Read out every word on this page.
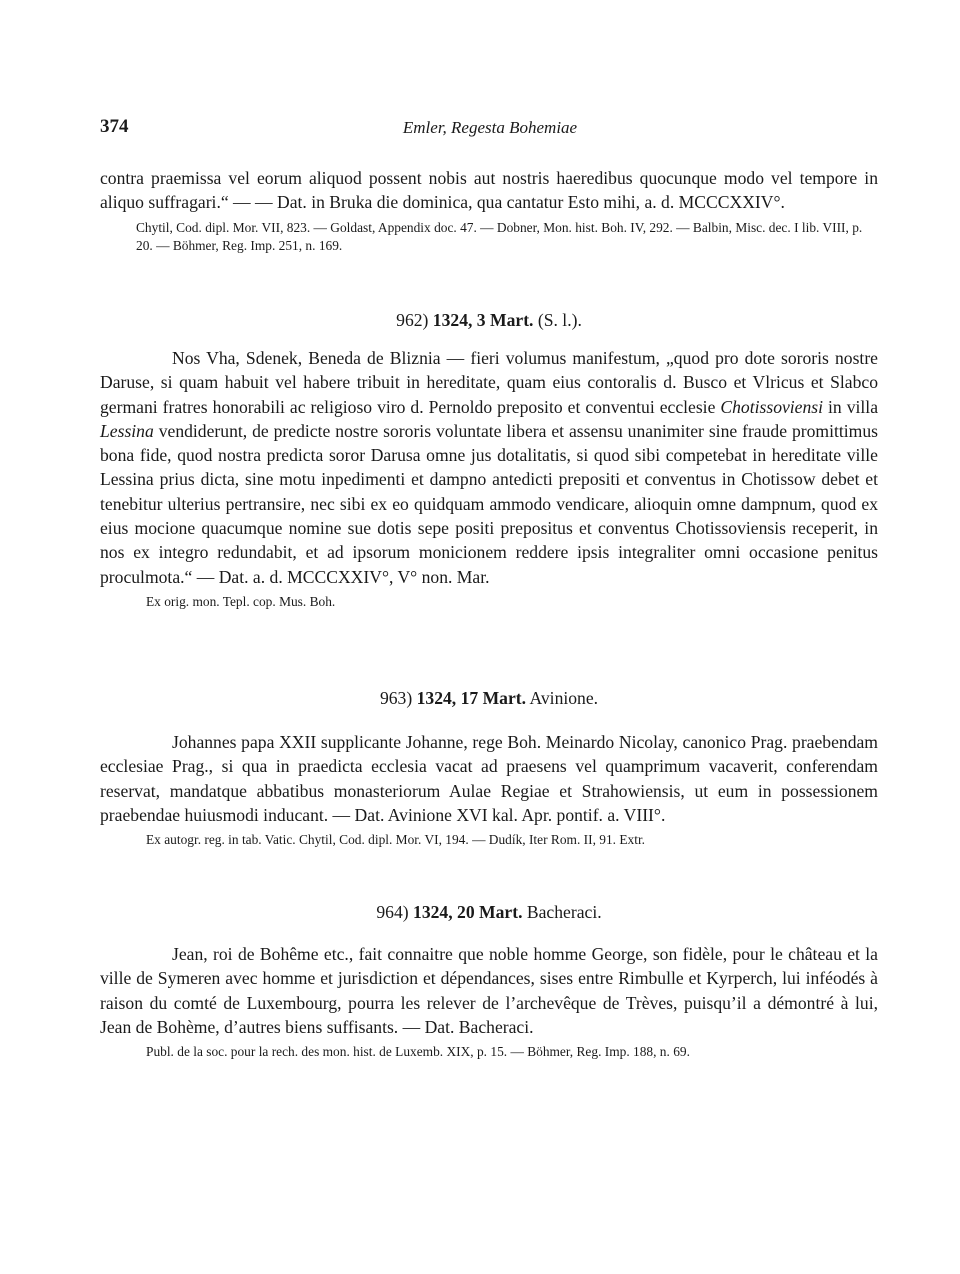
374	Emler, Regesta Bohemiae

contra praemissa vel eorum aliquod possent nobis aut nostris haeredibus quocunque modo vel tempore in aliquo suffragari.“ — — Dat. in Bruka die dominica, qua cantatur Esto mihi, a. d. MCCCXXIV°.

Chytil, Cod. dipl. Mor. VII, 823. — Goldast, Appendix doc. 47. — Dobner, Mon. hist. Boh. IV, 292. — Balbin, Misc. dec. I lib. VIII, p. 20. — Böhmer, Reg. Imp. 251, n. 169.

962) 1324, 3 Mart. (S. l.).

Nos Vha, Sdenek, Beneda de Bliznia — fieri volumus manifestum, „quod pro dote sororis nostre Daruse, si quam habuit vel habere tribuit in hereditate, quam eius contoralis d. Busco et Vlricus et Slabco germani fratres honorabili ac religioso viro d. Pernoldo preposito et conventui ecclesie Chotissoviensi in villa Lessina vendiderunt, de predicte nostre sororis voluntate libera et assensu unanimiter sine fraude promittimus bona fide, quod nostra predicta soror Darusa omne jus dotalitatis, si quod sibi competebat in hereditate ville Lessina prius dicta, sine motu inpedimenti et dampno antedicti prepositi et conventus in Chotissow debet et tenebitur ulterius pertransire, nec sibi ex eo quidquam ammodo vendicare, alioquin omne dampnum, quod ex eius mocione quacumque nomine sue dotis sepe positi prepositus et conventus Chotissoviensis receperit, in nos ex integro redundabit, et ad ipsorum monicionem reddere ipsis integraliter omni occasione penitus proculmota.“ — Dat. a. d. MCCCXXIV°, V° non. Mar.

Ex orig. mon. Tepl. cop. Mus. Boh.

963) 1324, 17 Mart. Avinione.

Johannes papa XXII supplicante Johanne, rege Boh. Meinardo Nicolay, canonico Prag. praebendam ecclesiae Prag., si qua in praedicta ecclesia vacat ad praesens vel quamprimum vacaverit, conferendam reservat, mandatque abbatibus monasteriorum Aulae Regiae et Strahowiensis, ut eum in possessionem praebendae huiusmodi inducant. — Dat. Avinione XVI kal. Apr. pontif. a. VIII°.

Ex autogr. reg. in tab. Vatic. Chytil, Cod. dipl. Mor. VI, 194. — Dudík, Iter Rom. II, 91. Extr.

964) 1324, 20 Mart. Bacheraci.

Jean, roi de Bohême etc., fait connaitre que noble homme George, son fidèle, pour le château et la ville de Symeren avec homme et jurisdiction et dépendances, sises entre Rimbulle et Kyrperch, lui inféodés à raison du comté de Luxembourg, pourra les relever de l’archevêque de Trèves, puisqu’il a démontré à lui, Jean de Bohème, d’autres biens suffisants. — Dat. Bacheraci.

Publ. de la soc. pour la rech. des mon. hist. de Luxemb. XIX, p. 15. — Böhmer, Reg. Imp. 188, n. 69.
